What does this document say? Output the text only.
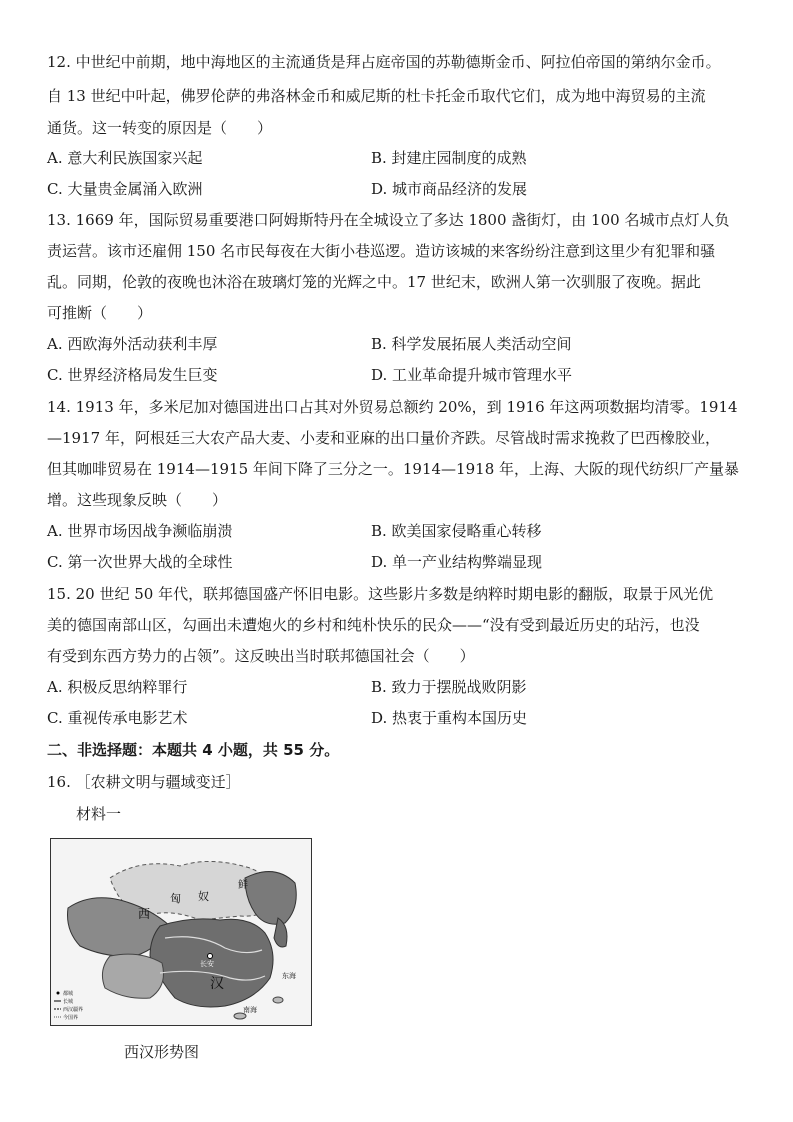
12. 中世纪中前期，地中海地区的主流通货是拜占庭帝国的苏勒德斯金币、阿拉伯帝国的第纳尔金币。
自 13 世纪中叶起，佛罗伦萨的弗洛林金币和威尼斯的杜卡托金币取代它们，成为地中海贸易的主流
通货。这一转变的原因是（　　）
A. 意大利民族国家兴起	B. 封建庄园制度的成熟
C. 大量贵金属涌入欧洲	D. 城市商品经济的发展
13. 1669 年，国际贸易重要港口阿姆斯特丹在全城设立了多达 1800 盏街灯，由 100 名城市点灯人负
责运营。该市还雇佣 150 名市民每夜在大街小巷巡逻。造访该城的来客纷纷注意到这里少有犯罪和骚
乱。同期，伦敦的夜晚也沐浴在玻璃灯笼的光辉之中。17 世纪末，欧洲人第一次驯服了夜晚。据此
可推断（　　）
A. 西欧海外活动获利丰厚	B. 科学发展拓展人类活动空间
C. 世界经济格局发生巨变	D. 工业革命提升城市管理水平
14. 1913 年，多米尼加对德国进出口占其对外贸易总额约 20%，到 1916 年这两项数据均清零。1914
—1917 年，阿根廷三大农产品大麦、小麦和亚麻的出口量价齐跌。尽管战时需求挽救了巴西橡胶业，
但其咖啡贸易在 1914—1915 年间下降了三分之一。1914—1918 年，上海、大阪的现代纺织厂产量暴
增。这些现象反映（　　）
A. 世界市场因战争濒临崩溃	B. 欧美国家侵略重心转移
C. 第一次世界大战的全球性	D. 单一产业结构弊端显现
15. 20 世纪 50 年代，联邦德国盛产怀旧电影。这些影片多数是纳粹时期电影的翻版，取景于风光优
美的德国南部山区，勾画出未遭炮火的乡村和纯朴快乐的民众——“没有受到最近历史的玷污，也没
有受到东西方势力的占领”。这反映出当时联邦德国社会（　　）
A. 积极反思纳粹罪行	B. 致力于摆脱战败阴影
C. 重视传承电影艺术	D. 热衷于重构本国历史
二、非选择题：本题共 4 小题，共 55 分。
16. ［农耕文明与疆域变迁］
材料一
西
匈 奴
鲜
汉
长安
东海
南海
都城
长城
西汉疆界
今国界
西汉形势图
